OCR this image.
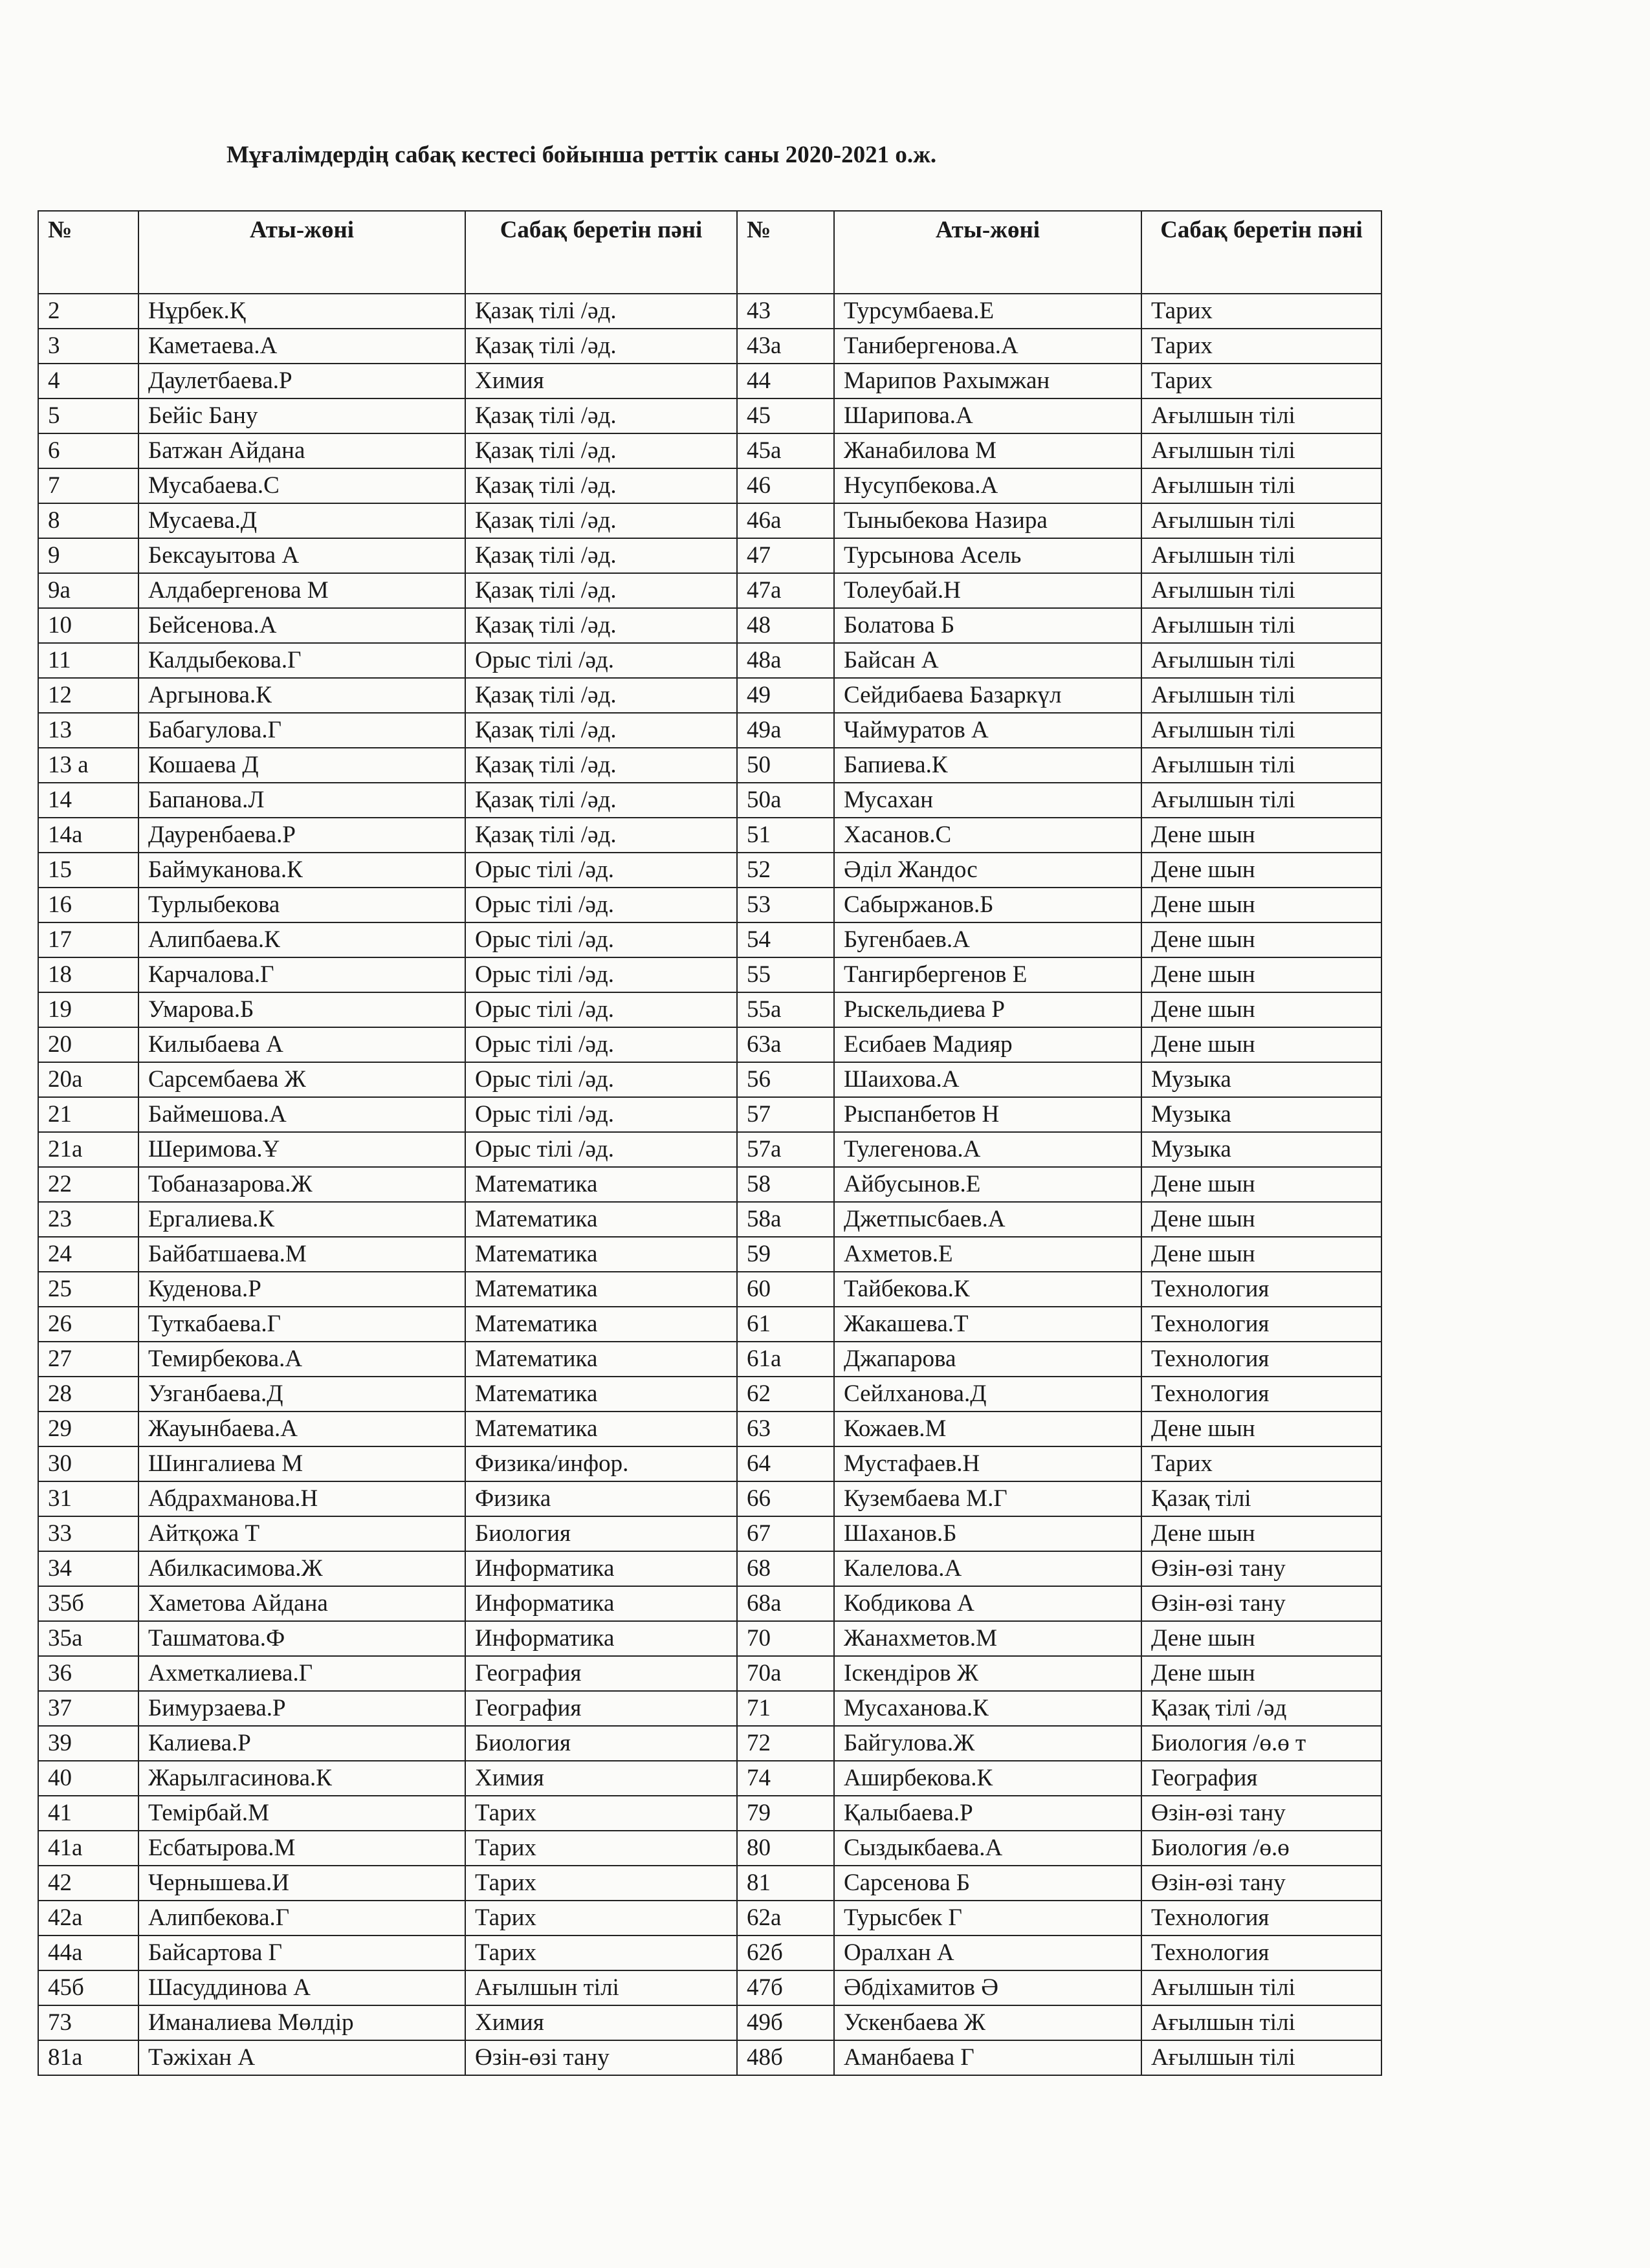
Мұғалімдердің сабақ кестесі бойынша реттік саны 2020-2021 о.ж.
№	Аты-жөні	Сабақ беретін пәні	№	Аты-жөні	Сабақ беретін пәні
2	Нұрбек.Қ	Қазақ тілі /әд.	43	Турсумбаева.Е	Тарих
3	Каметаева.А	Қазақ тілі /әд.	43а	Танибергенова.А	Тарих
4	Даулетбаева.Р	Химия	44	Марипов Рахымжан	Тарих
5	Бейіс Бану	Қазақ тілі /әд.	45	Шарипова.А	Ағылшын тілі
6	Батжан Айдана	Қазақ тілі /әд.	45а	Жанабилова М	Ағылшын тілі
7	Мусабаева.С	Қазақ тілі /әд.	46	Нусупбекова.А	Ағылшын тілі
8	Мусаева.Д	Қазақ тілі /әд.	46а	Тыныбекова Назира	Ағылшын тілі
9	Бексауытова А	Қазақ тілі /әд.	47	Турсынова Асель	Ағылшын тілі
9а	Алдабергенова М	Қазақ тілі /әд.	47а	Толеубай.Н	Ағылшын тілі
10	Бейсенова.А	Қазақ тілі /әд.	48	Болатова Б	Ағылшын тілі
11	Калдыбекова.Г	Орыс тілі /әд.	48а	Байсан А	Ағылшын тілі
12	Аргынова.К	Қазақ тілі /әд.	49	Сейдибаева Базаркүл	Ағылшын тілі
13	Бабагулова.Г	Қазақ тілі /әд.	49а	Чаймуратов А	Ағылшын тілі
13 а	Кошаева Д	Қазақ тілі /әд.	50	Бапиева.К	Ағылшын тілі
14	Бапанова.Л	Қазақ тілі /әд.	50а	Мусахан	Ағылшын тілі
14а	Дауренбаева.Р	Қазақ тілі /әд.	51	Хасанов.С	Дене шын
15	Баймуканова.К	Орыс тілі /әд.	52	Әділ Жандос	Дене шын
16	Турлыбекова	Орыс тілі /әд.	53	Сабыржанов.Б	Дене шын
17	Алипбаева.К	Орыс тілі /әд.	54	Бугенбаев.А	Дене шын
18	Карчалова.Г	Орыс тілі /әд.	55	Тангирбергенов Е	Дене шын
19	Умарова.Б	Орыс тілі /әд.	55а	Рыскельдиева Р	Дене шын
20	Килыбаева А	Орыс тілі /әд.	63а	Есибаев Мадияр	Дене шын
20а	Сарсембаева Ж	Орыс тілі /әд.	56	Шаихова.А	Музыка
21	Баймешова.А	Орыс тілі /әд.	57	Рыспанбетов Н	Музыка
21а	Шеримова.Ұ	Орыс тілі /әд.	57а	Тулегенова.А	Музыка
22	Тобаназарова.Ж	Математика	58	Айбусынов.Е	Дене шын
23	Ергалиева.К	Математика	58а	Джетпысбаев.А	Дене шын
24	Байбатшаева.М	Математика	59	Ахметов.Е	Дене шын
25	Куденова.Р	Математика	60	Тайбекова.К	Технология
26	Туткабаева.Г	Математика	61	Жакашева.Т	Технология
27	Темирбекова.А	Математика	61а	Джапарова	Технология
28	Узганбаева.Д	Математика	62	Сейлханова.Д	Технология
29	Жауынбаева.А	Математика	63	Кожаев.М	Дене шын
30	Шингалиева М	Физика/инфор.	64	Мустафаев.Н	Тарих
31	Абдрахманова.Н	Физика	66	Кузембаева М.Г	Қазақ тілі
33	Айтқожа Т	Биология	67	Шаханов.Б	Дене шын
34	Абилкасимова.Ж	Информатика	68	Калелова.А	Өзін-өзі тану
35б	Хаметова Айдана	Информатика	68а	Кобдикова А	Өзін-өзі тану
35а	Ташматова.Ф	Информатика	70	Жанахметов.М	Дене шын
36	Ахметкалиева.Г	География	70а	Іскендіров Ж	Дене шын
37	Бимурзаева.Р	География	71	Мусаханова.К	Қазақ тілі /әд
39	Калиева.Р	Биология	72	Байгулова.Ж	Биология /ө.ө т
40	Жарылгасинова.К	Химия	74	Аширбекова.К	География
41	Темірбай.М	Тарих	79	Қалыбаева.Р	Өзін-өзі тану
41а	Есбатырова.М	Тарих	80	Сыздыкбаева.А	Биология /ө.ө
42	Чернышева.И	Тарих	81	Сарсенова Б	Өзін-өзі тану
42а	Алипбекова.Г	Тарих	62а	Турысбек Г	Технология
44а	Байсартова Г	Тарих	62б	Оралхан А	Технология
45б	Шасуддинова А	Ағылшын тілі	47б	Әбдіхамитов Ә	Ағылшын тілі
73	Иманалиева Мөлдір	Химия	49б	Ускенбаева Ж	Ағылшын тілі
81а	Тәжіхан А	Өзін-өзі тану	48б	Аманбаева Г	Ағылшын тілі
